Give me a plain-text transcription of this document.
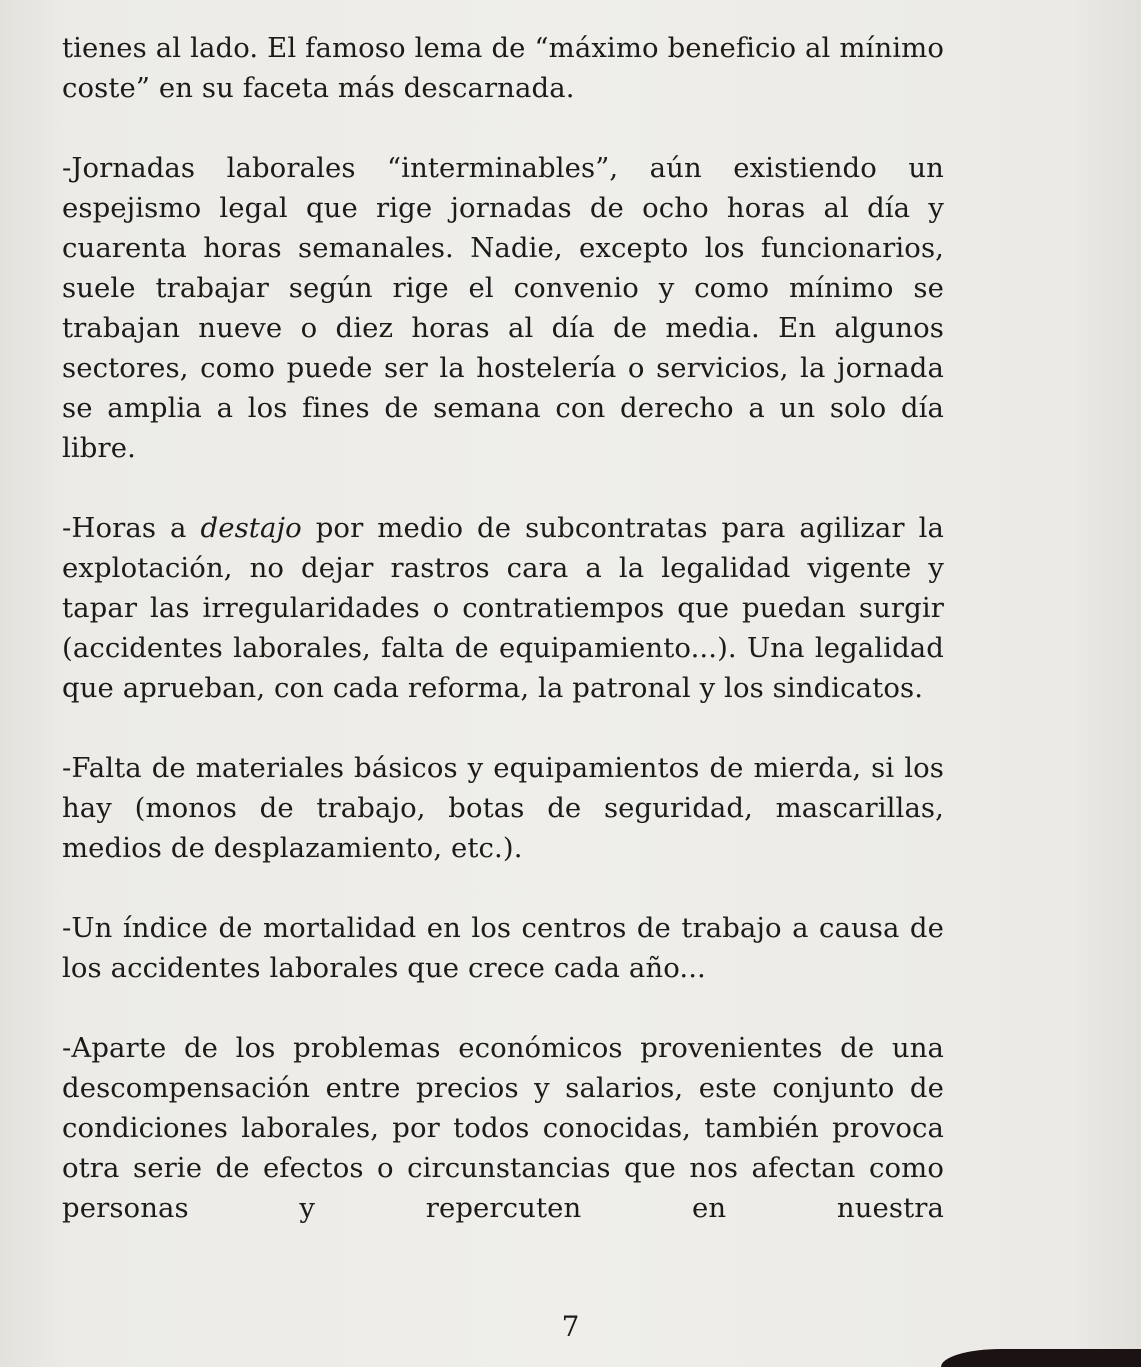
tienes al lado. El famoso lema de “máximo beneficio al mínimo coste” en su faceta más descarnada.

-Jornadas laborales “interminables”, aún existiendo un espejismo legal que rige jornadas de ocho horas al día y cuarenta horas semanales. Nadie, excepto los funcionarios, suele trabajar según rige el convenio y como mínimo se trabajan nueve o diez horas al día de media. En algunos sectores, como puede ser la hostelería o servicios, la jornada se amplia a los fines de semana con derecho a un solo día libre.

-Horas a destajo por medio de subcontratas para agilizar la explotación, no dejar rastros cara a la legalidad vigente y tapar las irregularidades o contratiempos que puedan surgir (accidentes laborales, falta de equipamiento...). Una legalidad que aprueban, con cada reforma, la patronal y los sindicatos.

-Falta de materiales básicos y equipamientos de mierda, si los hay (monos de trabajo, botas de seguridad, mascarillas, medios de desplazamiento, etc.).

-Un índice de mortalidad en los centros de trabajo a causa de los accidentes laborales que crece cada año...

-Aparte de los problemas económicos provenientes de una descompensación entre precios y salarios, este conjunto de condiciones laborales, por todos conocidas, también provoca otra serie de efectos o circunstancias que nos afectan como personas y repercuten en nuestra

7
